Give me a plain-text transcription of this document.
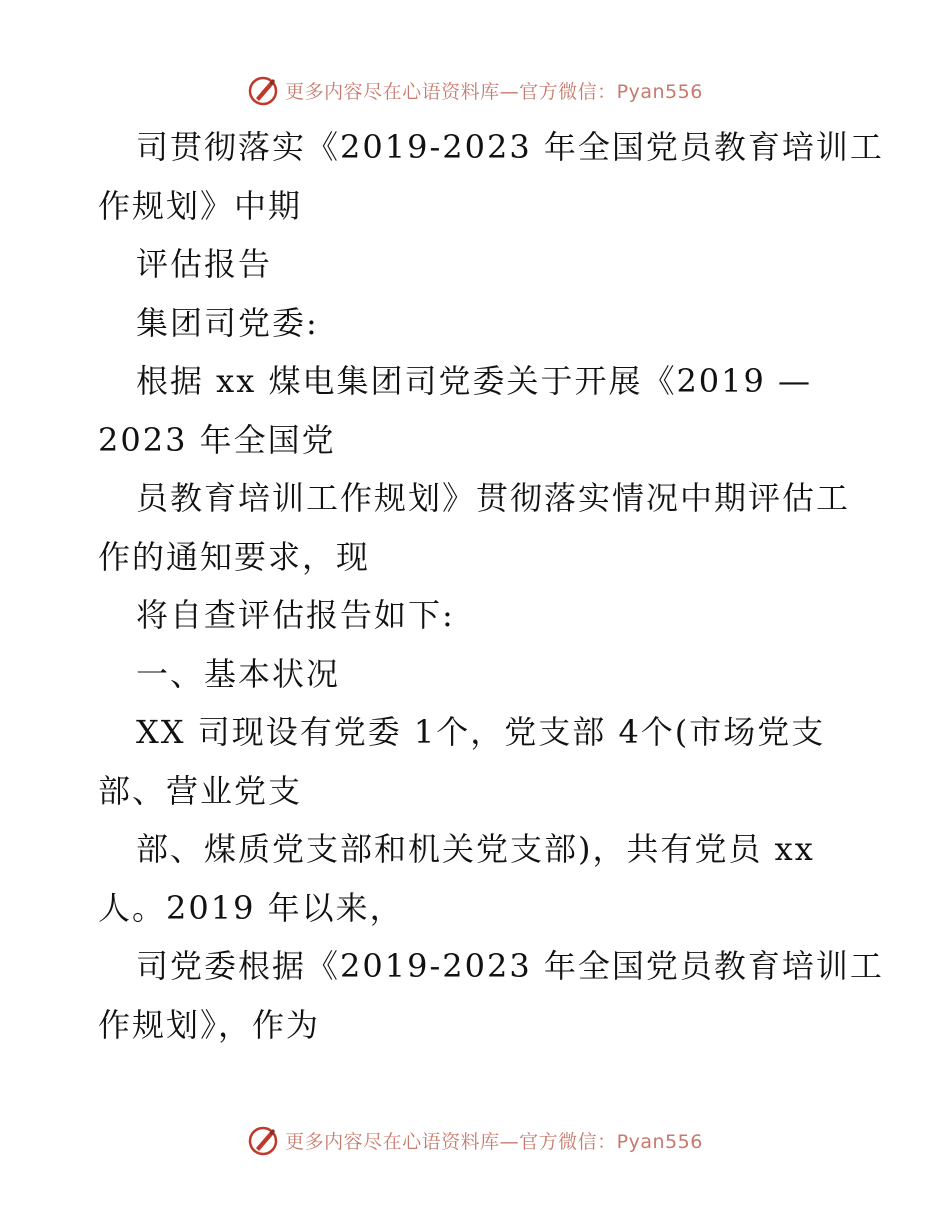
更多内容尽在心语资料库—官方微信：Pyan556
司贯彻落实《2019-2023 年全国党员教育培训工
作规划》中期
评估报告
集团司党委:
根据 xx 煤电集团司党委关于开展《2019 —
2023 年全国党
员教育培训工作规划》贯彻落实情况中期评估工
作的通知要求，现
将自查评估报告如下:
一、基本状况
XX 司现设有党委 1个，党支部 4个(市场党支
部、营业党支
部、煤质党支部和机关党支部)，共有党员 xx
人。2019 年以来，
司党委根据《2019-2023 年全国党员教育培训工
作规划》，作为
更多内容尽在心语资料库—官方微信：Pyan556
